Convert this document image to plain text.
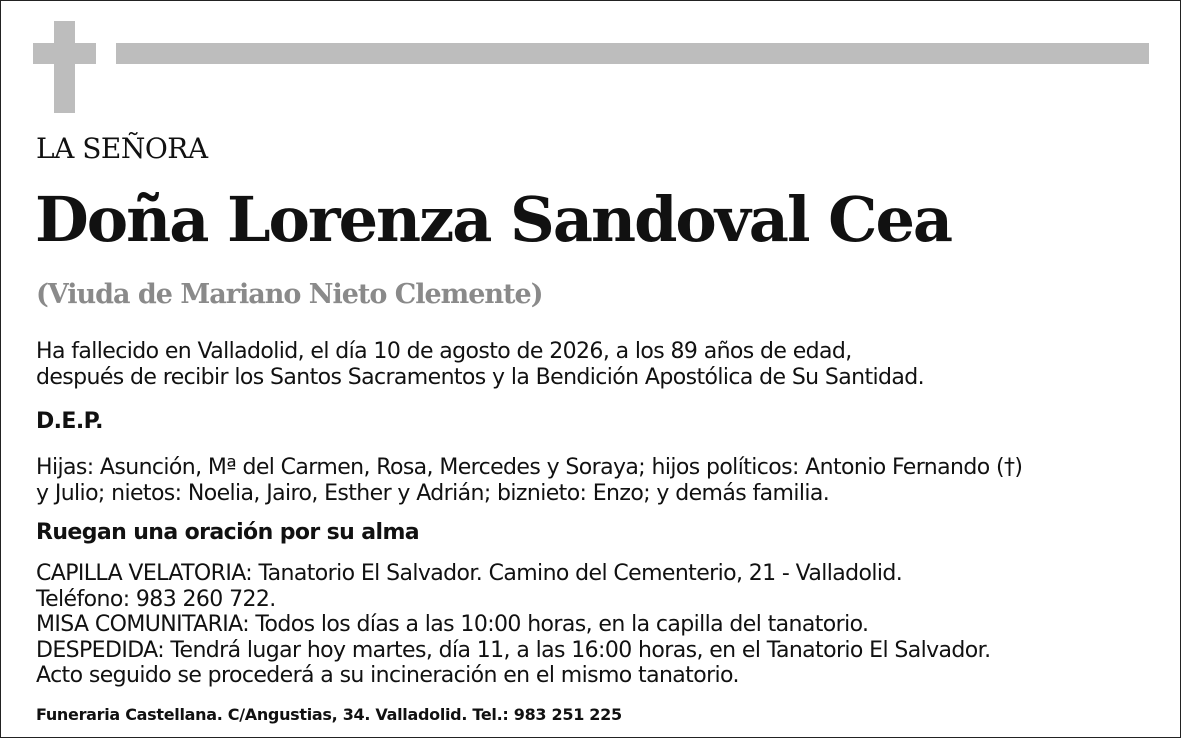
LA SEÑORA
Doña Lorenza Sandoval Cea
(Viuda de Mariano Nieto Clemente)
Ha fallecido en Valladolid, el día 10 de agosto de 2026, a los 89 años de edad,
después de recibir los Santos Sacramentos y la Bendición Apostólica de Su Santidad.
D.E.P.
Hijas: Asunción, Mª del Carmen, Rosa, Mercedes y Soraya; hijos políticos: Antonio Fernando (†)
y Julio; nietos: Noelia, Jairo, Esther y Adrián; biznieto: Enzo; y demás familia.
Ruegan una oración por su alma
CAPILLA VELATORIA: Tanatorio El Salvador. Camino del Cementerio, 21 - Valladolid.
Teléfono: 983 260 722.
MISA COMUNITARIA: Todos los días a las 10:00 horas, en la capilla del tanatorio.
DESPEDIDA: Tendrá lugar hoy martes, día 11, a las 16:00 horas, en el Tanatorio El Salvador.
Acto seguido se procederá a su incineración en el mismo tanatorio.
Funeraria Castellana. C/Angustias, 34. Valladolid. Tel.: 983 251 225
